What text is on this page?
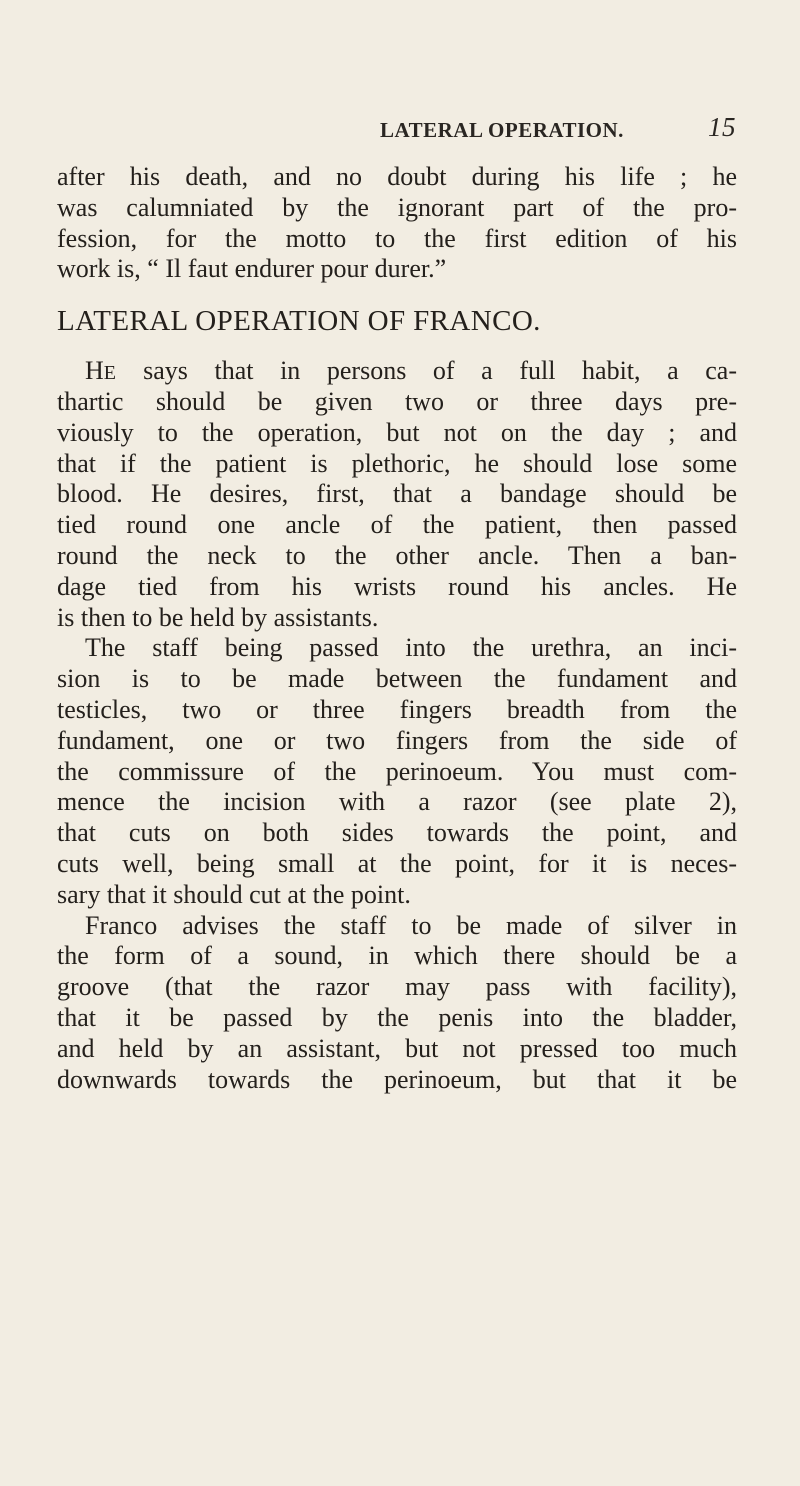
LATERAL OPERATION.	15
after his death, and no doubt during his life ; he
was calumniated by the ignorant part of the pro-
fession, for the motto to the first edition of his
work is, “ Il faut endurer pour durer.”
LATERAL OPERATION OF FRANCO.
HE says that in persons of a full habit, a ca-
thartic should be given two or three days pre-
viously to the operation, but not on the day ; and
that if the patient is plethoric, he should lose some
blood. He desires, first, that a bandage should be
tied round one ancle of the patient, then passed
round the neck to the other ancle. Then a ban-
dage tied from his wrists round his ancles. He
is then to be held by assistants.
The staff being passed into the urethra, an inci-
sion is to be made between the fundament and
testicles, two or three fingers breadth from the
fundament, one or two fingers from the side of
the commissure of the perinoeum. You must com-
mence the incision with a razor (see plate 2),
that cuts on both sides towards the point, and
cuts well, being small at the point, for it is neces-
sary that it should cut at the point.
Franco advises the staff to be made of silver in
the form of a sound, in which there should be a
groove (that the razor may pass with facility),
that it be passed by the penis into the bladder,
and held by an assistant, but not pressed too much
downwards towards the perinoeum, but that it be
